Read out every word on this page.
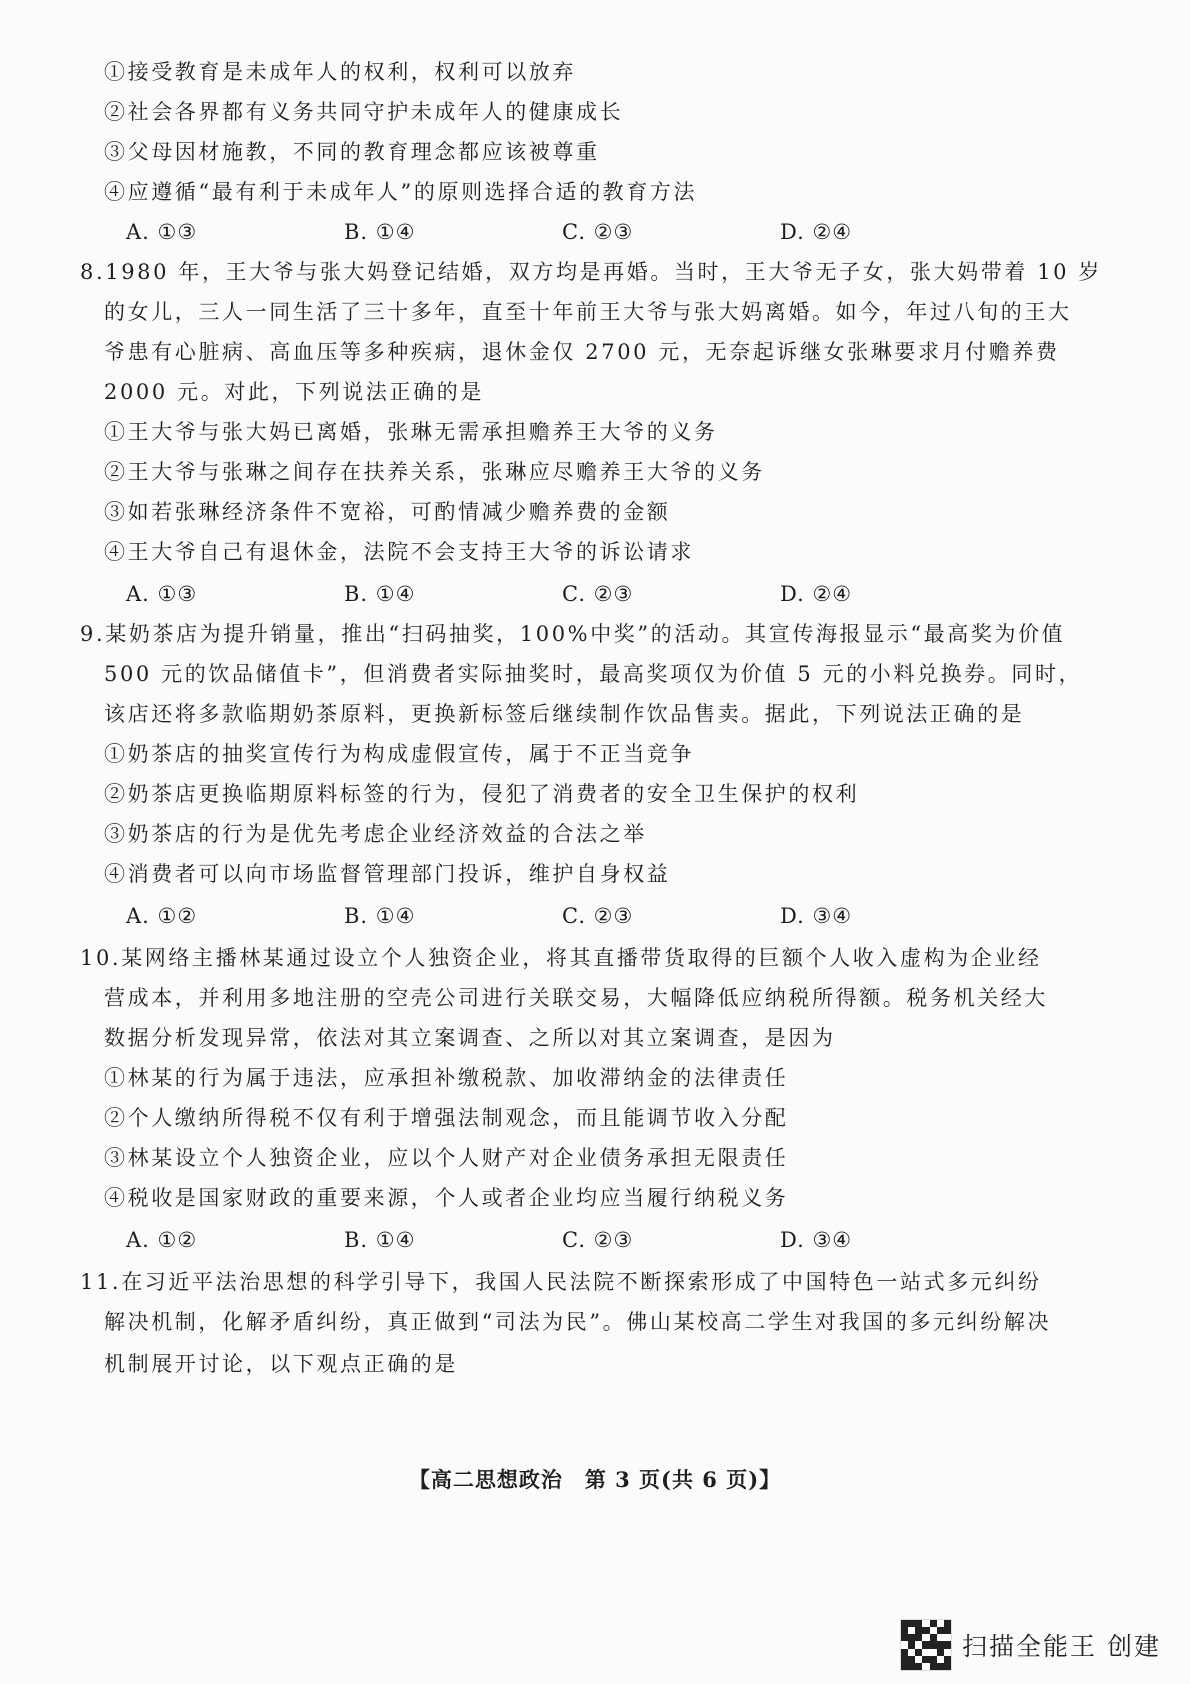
①接受教育是未成年人的权利，权利可以放弃
②社会各界都有义务共同守护未成年人的健康成长
③父母因材施教，不同的教育理念都应该被尊重
④应遵循“最有利于未成年人”的原则选择合适的教育方法
A. ①③	B. ①④	C. ②③	D. ②④
8.1980 年，王大爷与张大妈登记结婚，双方均是再婚。当时，王大爷无子女，张大妈带着 10 岁
的女儿，三人一同生活了三十多年，直至十年前王大爷与张大妈离婚。如今，年过八旬的王大
爷患有心脏病、高血压等多种疾病，退休金仅 2700 元，无奈起诉继女张琳要求月付赡养费
2000 元。对此，下列说法正确的是
①王大爷与张大妈已离婚，张琳无需承担赡养王大爷的义务
②王大爷与张琳之间存在扶养关系，张琳应尽赡养王大爷的义务
③如若张琳经济条件不宽裕，可酌情减少赡养费的金额
④王大爷自己有退休金，法院不会支持王大爷的诉讼请求
A. ①③	B. ①④	C. ②③	D. ②④
9.某奶茶店为提升销量，推出“扫码抽奖，100%中奖”的活动。其宣传海报显示“最高奖为价值
500 元的饮品储值卡”，但消费者实际抽奖时，最高奖项仅为价值 5 元的小料兑换券。同时，
该店还将多款临期奶茶原料，更换新标签后继续制作饮品售卖。据此，下列说法正确的是
①奶茶店的抽奖宣传行为构成虚假宣传，属于不正当竞争
②奶茶店更换临期原料标签的行为，侵犯了消费者的安全卫生保护的权利
③奶茶店的行为是优先考虑企业经济效益的合法之举
④消费者可以向市场监督管理部门投诉，维护自身权益
A. ①②	B. ①④	C. ②③	D. ③④
10.某网络主播林某通过设立个人独资企业，将其直播带货取得的巨额个人收入虚构为企业经
营成本，并利用多地注册的空壳公司进行关联交易，大幅降低应纳税所得额。税务机关经大
数据分析发现异常，依法对其立案调查、之所以对其立案调查，是因为
①林某的行为属于违法，应承担补缴税款、加收滞纳金的法律责任
②个人缴纳所得税不仅有利于增强法制观念，而且能调节收入分配
③林某设立个人独资企业，应以个人财产对企业债务承担无限责任
④税收是国家财政的重要来源，个人或者企业均应当履行纳税义务
A. ①②	B. ①④	C. ②③	D. ③④
11.在习近平法治思想的科学引导下，我国人民法院不断探索形成了中国特色一站式多元纠纷
解决机制，化解矛盾纠纷，真正做到“司法为民”。佛山某校高二学生对我国的多元纠纷解决
机制展开讨论，以下观点正确的是
【高二思想政治　第 3 页(共 6 页)】
扫描全能王 创建
